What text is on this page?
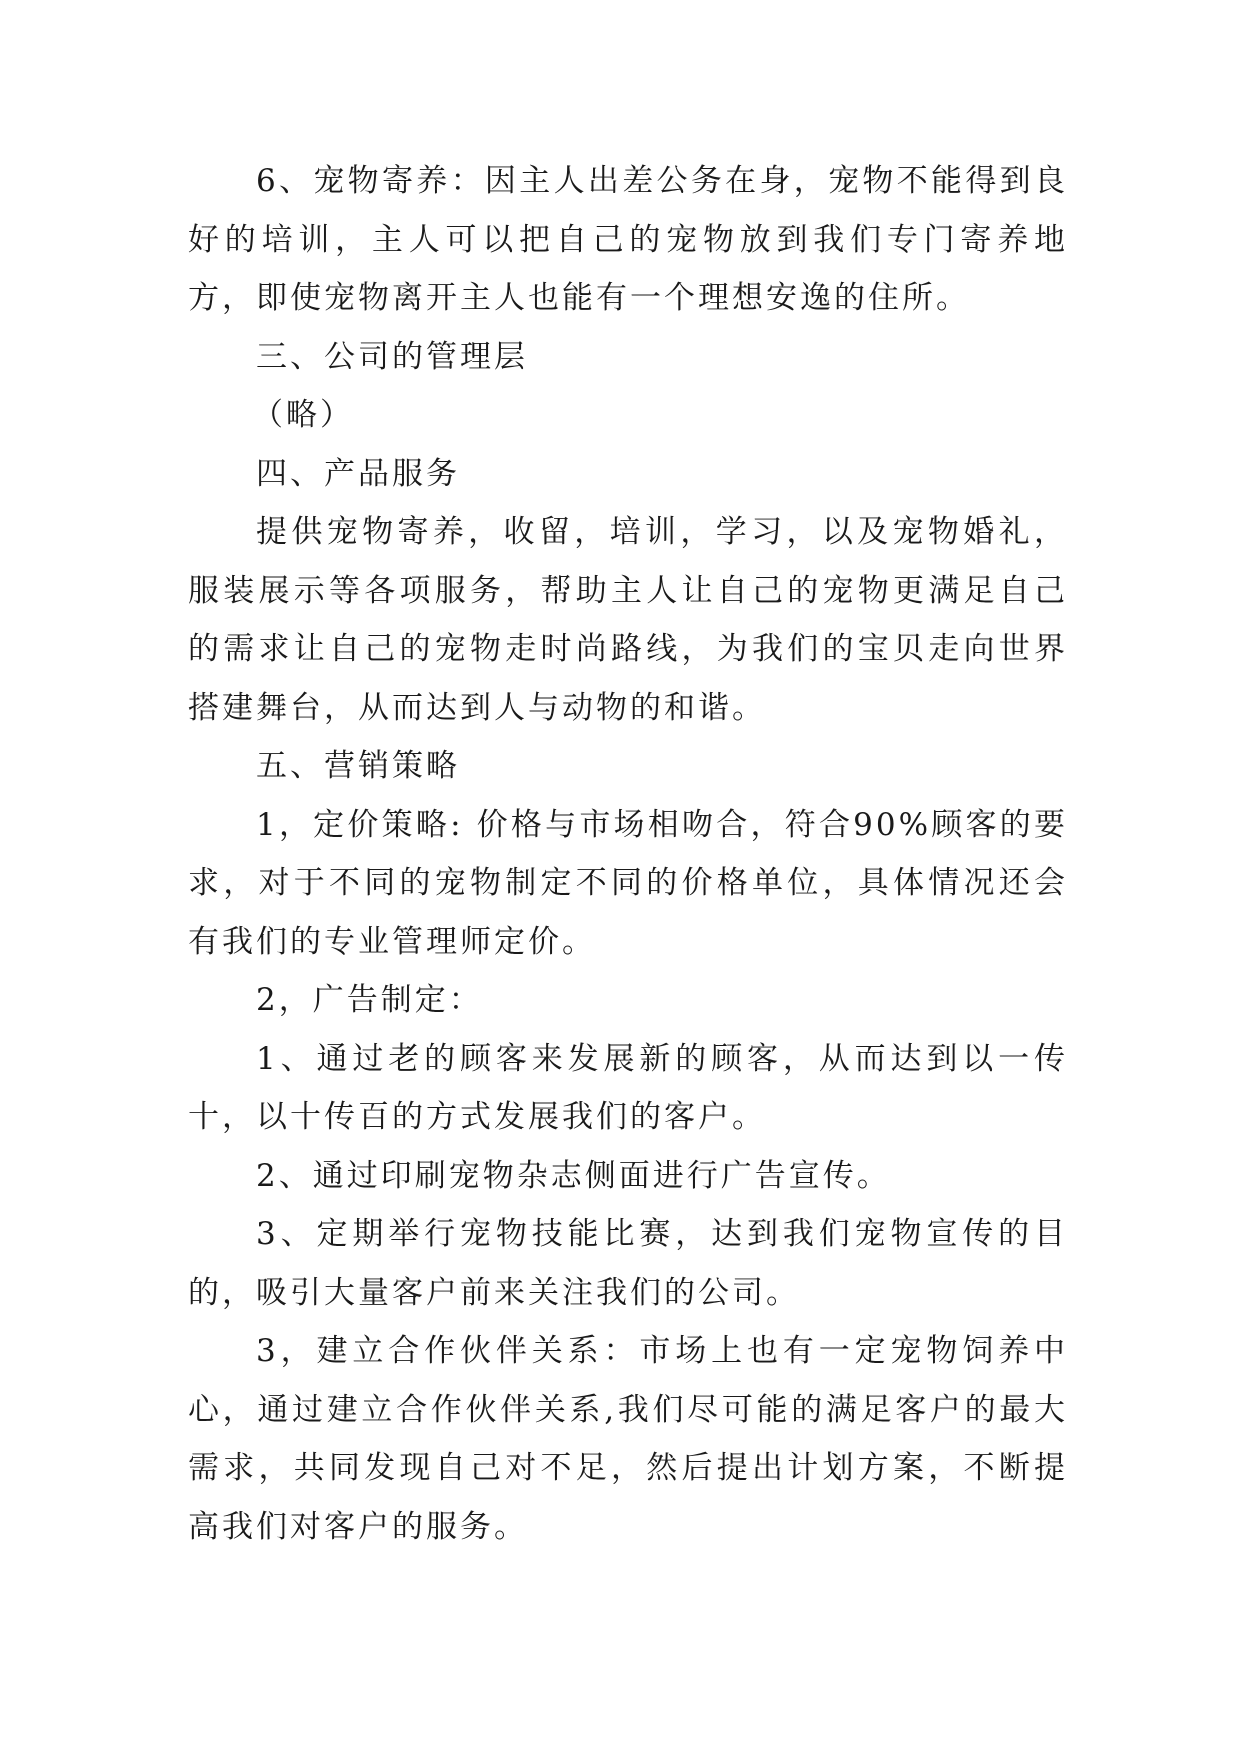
6、宠物寄养：因主人出差公务在身，宠物不能得到良好的培训，主人可以把自己的宠物放到我们专门寄养地方，即使宠物离开主人也能有一个理想安逸的住所。

三、公司的管理层

（略）

四、产品服务

提供宠物寄养，收留，培训，学习，以及宠物婚礼，服装展示等各项服务，帮助主人让自己的宠物更满足自己的需求让自己的宠物走时尚路线，为我们的宝贝走向世界搭建舞台，从而达到人与动物的和谐。

五、营销策略

1，定价策略: 价格与市场相吻合，符合90%顾客的要求，对于不同的宠物制定不同的价格单位，具体情况还会有我们的专业管理师定价。

2，广告制定：

1、通过老的顾客来发展新的顾客，从而达到以一传十，以十传百的方式发展我们的客户。

2、通过印刷宠物杂志侧面进行广告宣传。

3、定期举行宠物技能比赛，达到我们宠物宣传的目的，吸引大量客户前来关注我们的公司。

3，建立合作伙伴关系：市场上也有一定宠物饲养中心，通过建立合作伙伴关系,我们尽可能的满足客户的最大需求，共同发现自己对不足，然后提出计划方案，不断提高我们对客户的服务。
